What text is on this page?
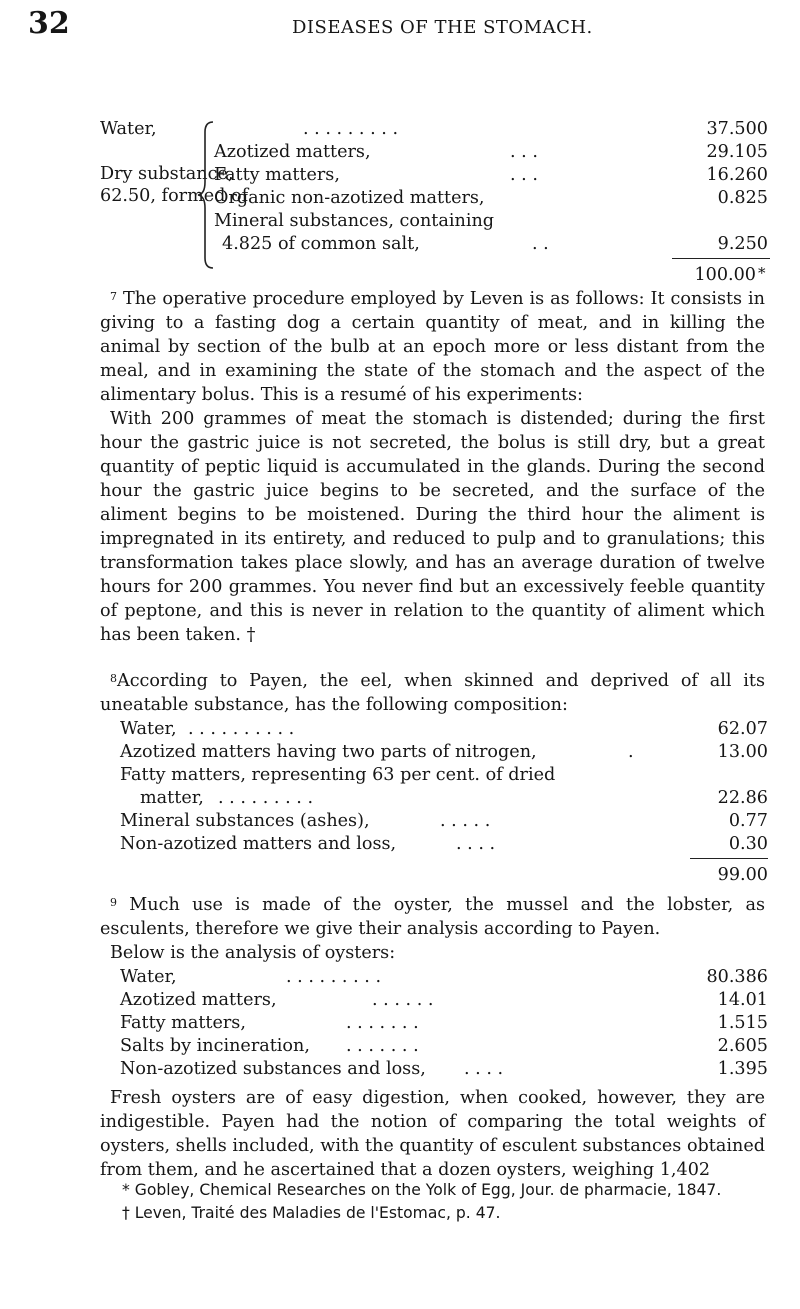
32	DISEASES OF THE STOMACH.
Water,	. . . . . . . . .	37.500
Dry substance,
62.50, formed of
Azotized matters,	. . .	29.105
Fatty matters,	. . .	16.260
Organic non-azotized matters,	0.825
Mineral substances, containing
4.825 of common salt,	. .	9.250
100.00 *

$^7$ The operative procedure employed by Leven is as follows: It consists in giving to a fasting dog a certain quantity of meat, and in killing the animal by section of the bulb at an epoch more or less distant from the meal, and in examining the state of the stomach and the aspect of the alimentary bolus. This is a resumé of his experiments:

With 200 grammes of meat the stomach is distended; during the first hour the gastric juice is not secreted, the bolus is still dry, but a great quantity of peptic liquid is accumulated in the glands. During the second hour the gastric juice begins to be secreted, and the surface of the aliment begins to be moistened. During the third hour the aliment is impregnated in its entirety, and reduced to pulp and to granulations; this transformation takes place slowly, and has an average duration of twelve hours for 200 grammes. You never find but an excessively feeble quantity of peptone, and this is never in relation to the quantity of aliment which has been taken. †

$^8$According to Payen, the eel, when skinned and deprived of all its uneatable substance, has the following composition:

Water, . . . . . . . . . .	62.07
Azotized matters having two parts of nitrogen,	.	13.00
Fatty matters, representing 63 per cent. of dried
matter, . . . . . . . . .	22.86
Mineral substances (ashes),	. . . . .	0.77
Non-azotized matters and loss,	. . . .	0.30
99.00

$^9$ Much use is made of the oyster, the mussel and the lobster, as esculents, therefore we give their analysis according to Payen.

Below is the analysis of oysters:

Water,	. . . . . . . . .	80.386
Azotized matters,	. . . . . .	14.01
Fatty matters,	. . . . . . .	1.515
Salts by incineration, . . . . . . .	2.605
Non-azotized substances and loss, . . . .	1.395

Fresh oysters are of easy digestion, when cooked, however, they are indigestible. Payen had the notion of comparing the total weights of oysters, shells included, with the quantity of esculent substances obtained from them, and he ascertained that a dozen oysters, weighing 1,402

* Gobley, Chemical Researches on the Yolk of Egg, Jour. de pharmacie, 1847.

† Leven, Traité des Maladies de l'Estomac, p. 47.
